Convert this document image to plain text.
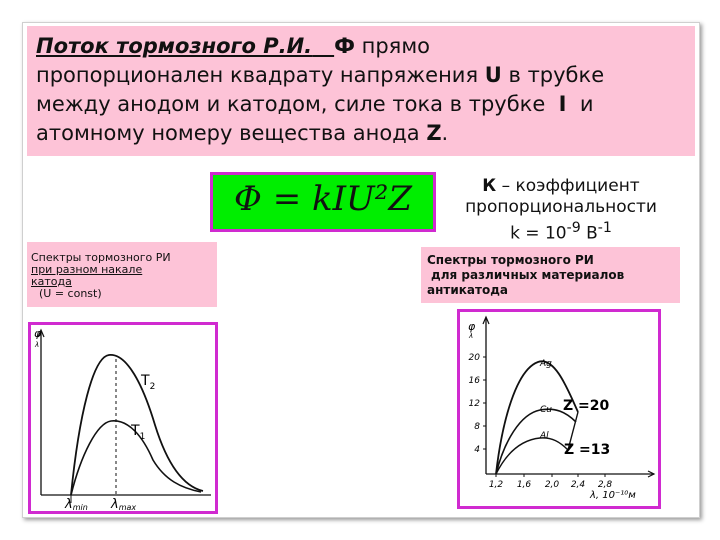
Поток тормозного Р.И. Ф прямо
пропорционален квадрату напряжения U в трубке
между анодом и катодом, силе тока в трубке I и
атомному номеру вещества анода Z.
Φ = kIU²Z	К – коэффициент
пропорциональности
$k = 10^{-9}$ $В^{-1}$
Спектры тормозного РИ
при разном накале
катода
(U = const)
Спектры тормозного РИ
для различных материалов
антикатода
φ
λ
$T_2$
$T_1$
λmin λmax
φ
λ
20
16
12
8
4
1,2 1,6 2,0 2,4 2,8
λ, 10⁻¹⁰м
Ag
Cu
Al
Z =20
Z =13
